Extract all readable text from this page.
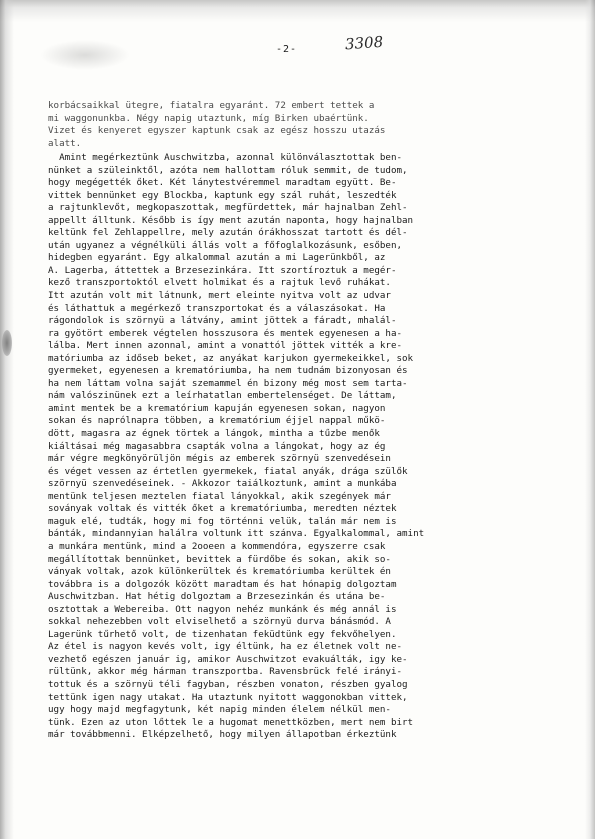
-2-	3308
korbácsaikkal ütegre, fiatalra egyaránt. 72 embert tettek a
mi waggonunkba. Négy napig utaztunk, míg Birken ubaértünk.
Vizet és kenyeret egyszer kaptunk csak az egész hosszu utazás
alatt.
Amint megérkeztünk Auschwitzba, azonnal különválasztottak ben-
nünket a szüleinktől, azóta nem hallottam róluk semmit, de tudom,
hogy megégették őket. Két lánytestvéremmel maradtam együtt. Be-
vittek bennünket egy Blockba, kaptunk egy szál ruhát, leszedték
a rajtunklevőt, megkopaszottak, megfürdettek, már hajnalban Zehl-
appellt álltunk. Később is így ment azután naponta, hogy hajnalban
keltünk fel Zehlappellre, mely azután órákhosszat tartott és dél-
után ugyanez a végnélküli állás volt a főfoglalkozásunk, esőben,
hidegben egyaránt. Egy alkalommal azután a mi Lagerünkből, az
A. Lagerba, áttettek a Brzesezinkára. Itt szortíroztuk a megér-
kező transzportoktól elvett holmikat és a rajtuk levő ruhákat.
Itt azután volt mit látnunk, mert eleinte nyitva volt az udvar
és láthattuk a megérkező transzportokat és a válaszásokat. Ha
rágondolok is szörnyü a látvány, amint jöttek a fáradt, mhalál-
ra gyötört emberek végtelen hosszusora és mentek egyenesen a ha-
lálba. Mert innen azonnal, amint a vonattól jöttek vitték a kre-
matóriumba az időseb beket, az anyákat karjukon gyermekeikkel, sok
gyermeket, egyenesen a krematóriumba, ha nem tudnám bizonyosan és
ha nem láttam volna saját szemammel én bizony még most sem tarta-
nám valószinünek ezt a leírhatatlan embertelenséget. De láttam,
amint mentek be a krematórium kapuján egyenesen sokan, nagyon
sokan és naprólnapra többen, a krematórium éjjel nappal műkö-
dött, magasra az égnek törtek a lángok, mintha a tűzbe menők
kiáltásai még magasabbra csapták volna a lángokat, hogy az ég
már végre megkönyörüljön mégis az emberek szörnyü szenvedésein
és véget vessen az értetlen gyermekek, fiatal anyák, drága szülők
szörnyü szenvedéseinek. - Akkozor taiálkoztunk, amint a munkába
mentünk teljesen meztelen fiatal lányokkal, akik szegények már
soványak voltak és vitték őket a krematóriumba, meredten néztek
maguk elé, tudták, hogy mi fog történni velük, talán már nem is
bánták, mindannyian halálra voltunk itt szánva. Egyalkalommal, amint
a munkára mentünk, mind a 2ooeen a kommendóra, egyszerre csak
megállítottak bennünket, bevittek a fürdőbe és sokan, akik so-
ványak voltak, azok különkerültek és krematóriumba kerültek én
továbbra is a dolgozók között maradtam és hat hónapig dolgoztam
Auschwitzban. Hat hétig dolgoztam a Brzesezinkán és utána be-
osztottak a Webereiba. Ott nagyon nehéz munkánk és még annál is
sokkal nehezebben volt elviselhető a szörnyü durva bánásmód. A
Lagerünk tűrhető volt, de tizenhatan feküdtünk egy fekvőhelyen.
Az étel is nagyon kevés volt, igy éltünk, ha ez életnek volt ne-
vezhető egészen január ig, amikor Auschwitzot evakuálták, igy ke-
rültünk, akkor még hárman transzportba. Ravensbrück felé irányi-
tottuk és a szörnyü téli fagyban, részben vonaton, részben gyalog
tettünk igen nagy utakat. Ha utaztunk nyitott waggonokban vittek,
ugy hogy majd megfagytunk, két napig minden élelem nélkül men-
tünk. Ezen az uton lőttek le a hugomat menettközben, mert nem birt
már továbbmenni. Elképzelhető, hogy milyen állapotban érkeztünk
